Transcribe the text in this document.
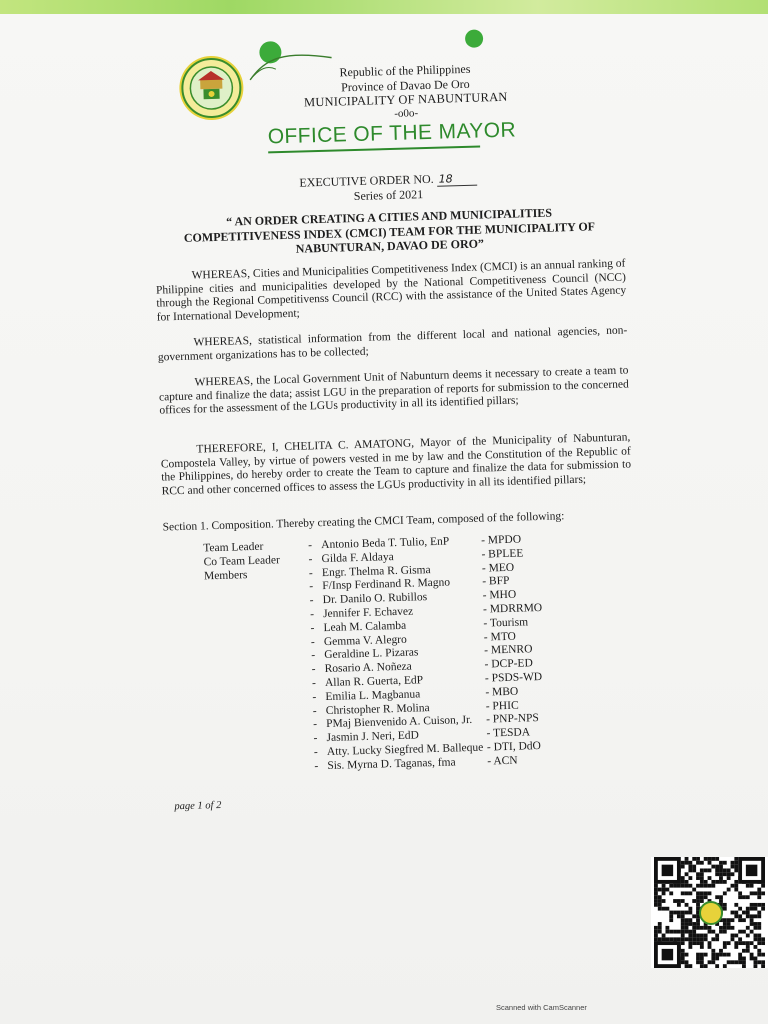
Republic of the Philippines
Province of Davao De Oro
MUNICIPALITY OF NABUNTURAN
-o0o-
OFFICE OF THE MAYOR
EXECUTIVE ORDER NO. 18
Series of 2021
“ AN ORDER CREATING A CITIES AND MUNICIPALITIES COMPETITIVENESS INDEX (CMCI) TEAM FOR THE MUNICIPALITY OF NABUNTURAN, DAVAO DE ORO”
WHEREAS, Cities and Municipalities Competitiveness Index (CMCI) is an annual ranking of Philippine cities and municipalities developed by the National Competitiveness Council (NCC) through the Regional Competitivenss Council (RCC) with the assistance of the United States Agency for International Development;
WHEREAS, statistical information from the different local and national agencies, non-government organizations has to be collected;
WHEREAS, the Local Government Unit of Nabunturn deems it necessary to create a team to capture and finalize the data; assist LGU in the preparation of reports for submission to the concerned offices for the assessment of the LGUs productivity in all its identified pillars;
THEREFORE, I, CHELITA C. AMATONG, Mayor of the Municipality of Nabunturan, Compostela Valley, by virtue of powers vested in me by law and the Constitution of the Republic of the Philippines, do hereby order to create the Team to capture and finalize the data for submission to RCC and other concerned offices to assess the LGUs productivity in all its identified pillars;
Section 1. Composition. Thereby creating the CMCI Team, composed of the following:
Team Leader	- Antonio Beda T. Tulio, EnP	- MPDO
Co Team Leader	- Gilda F. Aldaya	- BPLEE
Members	- Engr. Thelma R. Gisma	- MEO
- F/Insp Ferdinand R. Magno	- BFP
- Dr. Danilo O. Rubillos	- MHO
- Jennifer F. Echavez	- MDRRMO
- Leah M. Calamba	- Tourism
- Gemma V. Alegro	- MTO
- Geraldine L. Pizaras	- MENRO
- Rosario A. Noñeza	- DCP-ED
- Allan R. Guerta, EdP	- PSDS-WD
- Emilia L. Magbanua	- MBO
- Christopher R. Molina	- PHIC
- PMaj Bienvenido A. Cuison, Jr. - PNP-NPS
- Jasmin J. Neri, EdD	- TESDA
- Atty. Lucky Siegfred M. Balleque - DTI, DdO
- Sis. Myrna D. Taganas, fma	- ACN
page 1 of 2
Scanned with CamScanner
